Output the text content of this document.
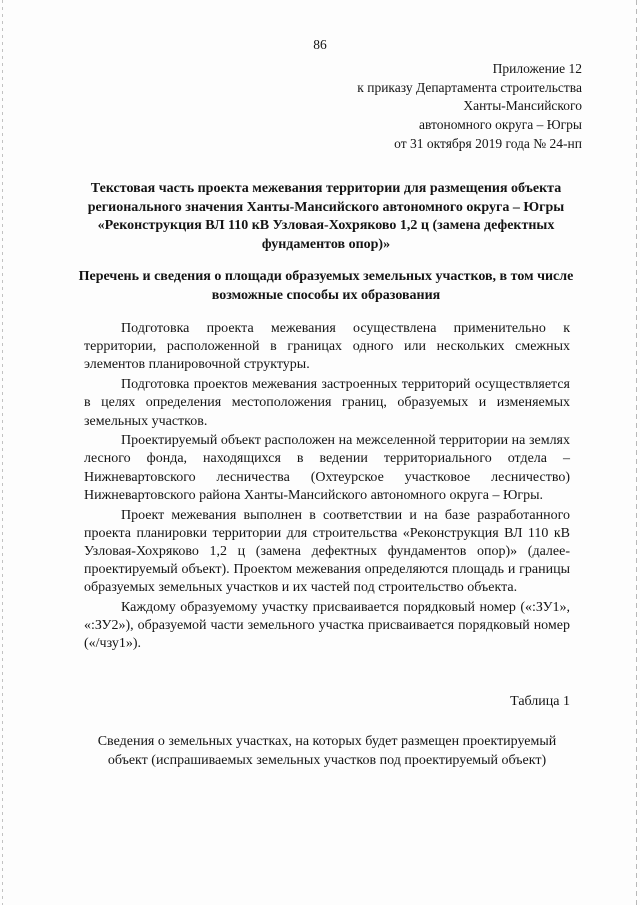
86
Приложение 12
к приказу Департамента строительства
Ханты-Мансийского
автономного округа – Югры
от 31 октября 2019 года № 24-нп
Текстовая часть проекта межевания территории для размещения объекта регионального значения Ханты-Мансийского автономного округа – Югры «Реконструкция ВЛ 110 кВ Узловая-Хохряково 1,2 ц (замена дефектных фундаментов опор)»
Перечень и сведения о площади образуемых земельных участков, в том числе возможные способы их образования

Подготовка проекта межевания осуществлена применительно к территории, расположенной в границах одного или нескольких смежных элементов планировочной структуры.

Подготовка проектов межевания застроенных территорий осуществляется в целях определения местоположения границ, образуемых и изменяемых земельных участков.

Проектируемый объект расположен на межселенной территории на землях лесного фонда, находящихся в ведении территориального отдела – Нижневартовского лесничества (Охтеурское участковое лесничество) Нижневартовского района Ханты-Мансийского автономного округа – Югры.

Проект межевания выполнен в соответствии и на базе разработанного проекта планировки территории для строительства «Реконструкция ВЛ 110 кВ Узловая-Хохряково 1,2 ц (замена дефектных фундаментов опор)» (далее- проектируемый объект). Проектом межевания определяются площадь и границы образуемых земельных участков и их частей под строительство объекта.

Каждому образуемому участку присваивается порядковый номер («:ЗУ1», «:ЗУ2»), образуемой части земельного участка присваивается порядковый номер («/чзу1»).

Таблица 1
Сведения о земельных участках, на которых будет размещен проектируемый объект (испрашиваемых земельных участков под проектируемый объект)
